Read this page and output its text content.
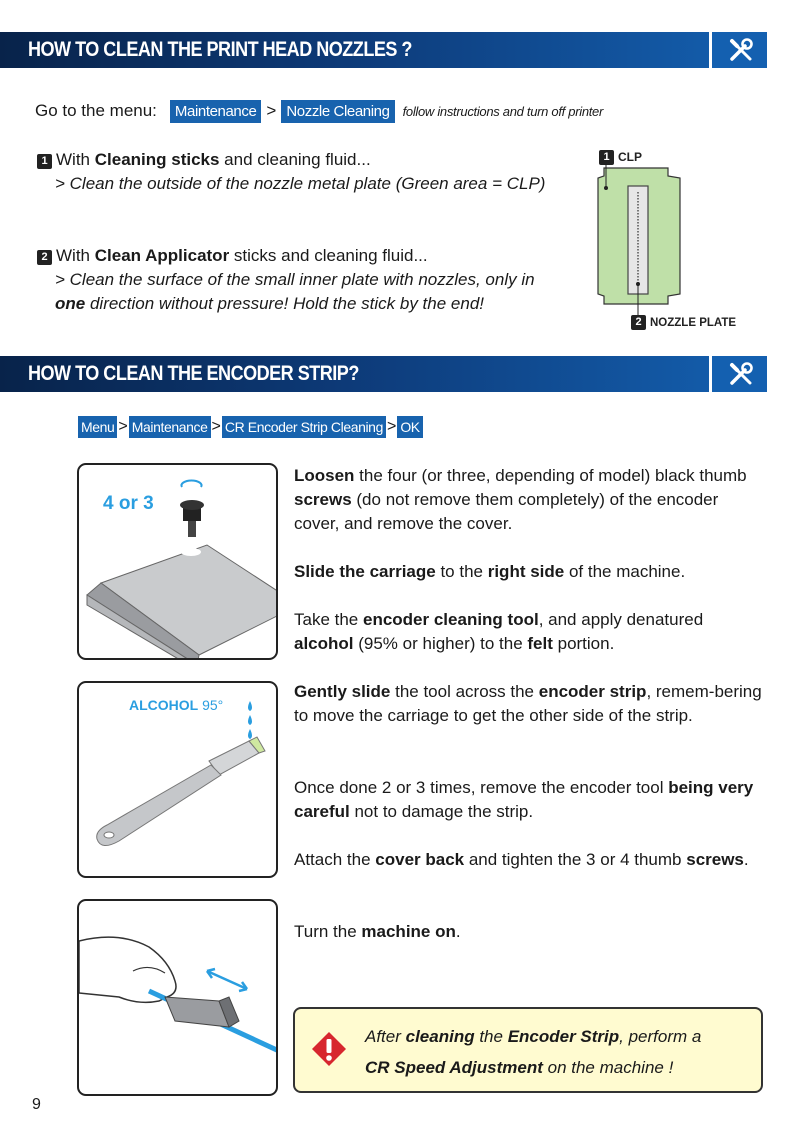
HOW TO CLEAN THE PRINT HEAD NOZZLES ?
Go to the menu:	Maintenance > Nozzle Cleaning	follow instructions and turn off printer
1 With Cleaning sticks and cleaning fluid...
> Clean the outside of the nozzle metal plate (Green area = CLP)
2 With Clean Applicator sticks and cleaning fluid...
> Clean the surface of the small inner plate with nozzles, only in
one direction without pressure! Hold the stick by the end!
1 CLP
2 NOZZLE PLATE
HOW TO CLEAN THE ENCODER STRIP?
Menu > Maintenance > CR Encoder Strip Cleaning > OK
4 or 3
ALCOHOL 95°
Loosen the four (or three, depending of model) black thumb screws (do not remove them completely) of the encoder cover, and remove the cover.
Slide the carriage to the right side of the machine.
Take the encoder cleaning tool, and apply denatured alcohol (95% or higher) to the felt portion.
Gently slide the tool across the encoder strip, remem-bering to move the carriage to get the other side of the strip.
Once done 2 or 3 times, remove the encoder tool being very careful not to damage the strip.
Attach the cover back and tighten the 3 or 4 thumb screws.
Turn the machine on.
After cleaning the Encoder Strip, perform a
CR Speed Adjustment on the machine !
9
